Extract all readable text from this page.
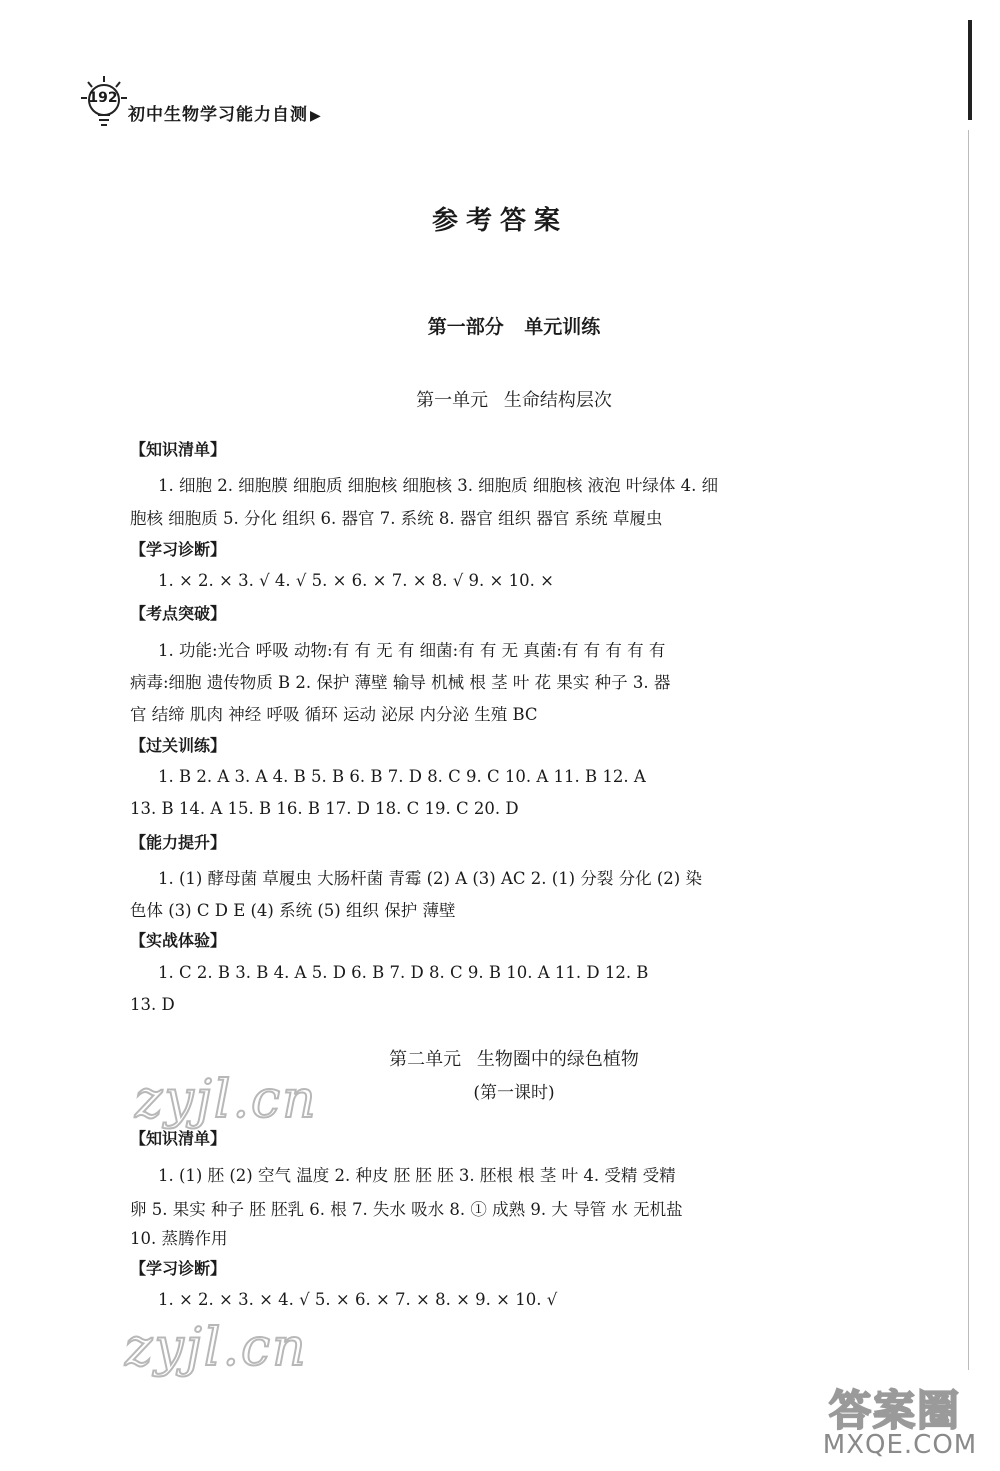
192
初中生物学习能力自测 ▶
参考答案
第一部分 单元训练
第一单元 生命结构层次
【知识清单】
1. 细胞 2. 细胞膜 细胞质 细胞核 细胞核 3. 细胞质 细胞核 液泡 叶绿体 4. 细
胞核 细胞质 5. 分化 组织 6. 器官 7. 系统 8. 器官 组织 器官 系统 草履虫
【学习诊断】
1. × 2. × 3. √ 4. √ 5. × 6. × 7. × 8. √ 9. × 10. ×
【考点突破】
1. 功能:光合 呼吸 动物:有 有 无 有 细菌:有 有 无 真菌:有 有 有 有 有
病毒:细胞 遗传物质 B 2. 保护 薄壁 输导 机械 根 茎 叶 花 果实 种子 3. 器
官 结缔 肌肉 神经 呼吸 循环 运动 泌尿 内分泌 生殖 BC
【过关训练】
1. B 2. A 3. A 4. B 5. B 6. B 7. D 8. C 9. C 10. A 11. B 12. A
13. B 14. A 15. B 16. B 17. D 18. C 19. C 20. D
【能力提升】
1. (1) 酵母菌 草履虫 大肠杆菌 青霉 (2) A (3) AC 2. (1) 分裂 分化 (2) 染
色体 (3) C D E (4) 系统 (5) 组织 保护 薄壁
【实战体验】
1. C 2. B 3. B 4. A 5. D 6. B 7. D 8. C 9. B 10. A 11. D 12. B
13. D
第二单元 生物圈中的绿色植物
(第一课时)
【知识清单】
1. (1) 胚 (2) 空气 温度 2. 种皮 胚 胚 胚 3. 胚根 根 茎 叶 4. 受精 受精
卵 5. 果实 种子 胚 胚乳 6. 根 7. 失水 吸水 8. ① 成熟 9. 大 导管 水 无机盐
10. 蒸腾作用
【学习诊断】
1. × 2. × 3. × 4. √ 5. × 6. × 7. × 8. × 9. × 10. √
zyjl.cn
zyjl.cn
答案圈
MXQE.COM
